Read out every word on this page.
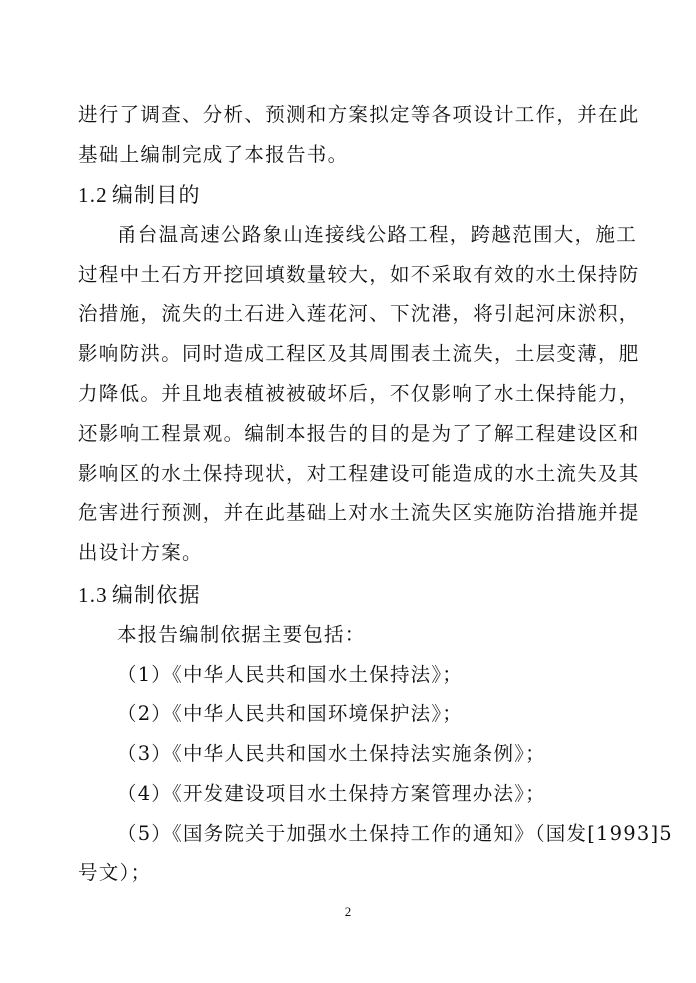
进行了调查、分析、预测和方案拟定等各项设计工作，并在此
基础上编制完成了本报告书。
1.2 编制目的
甬台温高速公路象山连接线公路工程，跨越范围大，施工
过程中土石方开挖回填数量较大，如不采取有效的水土保持防
治措施，流失的土石进入莲花河、下沈港，将引起河床淤积，
影响防洪。同时造成工程区及其周围表土流失，土层变薄，肥
力降低。并且地表植被被破坏后，不仅影响了水土保持能力，
还影响工程景观。编制本报告的目的是为了了解工程建设区和
影响区的水土保持现状，对工程建设可能造成的水土流失及其
危害进行预测，并在此基础上对水土流失区实施防治措施并提
出设计方案。
1.3 编制依据
本报告编制依据主要包括：
（1）《中华人民共和国水土保持法》；
（2）《中华人民共和国环境保护法》；
（3）《中华人民共和国水土保持法实施条例》；
（4）《开发建设项目水土保持方案管理办法》；
（5）《国务院关于加强水土保持工作的通知》（国发[1993]5
号文）；
2
